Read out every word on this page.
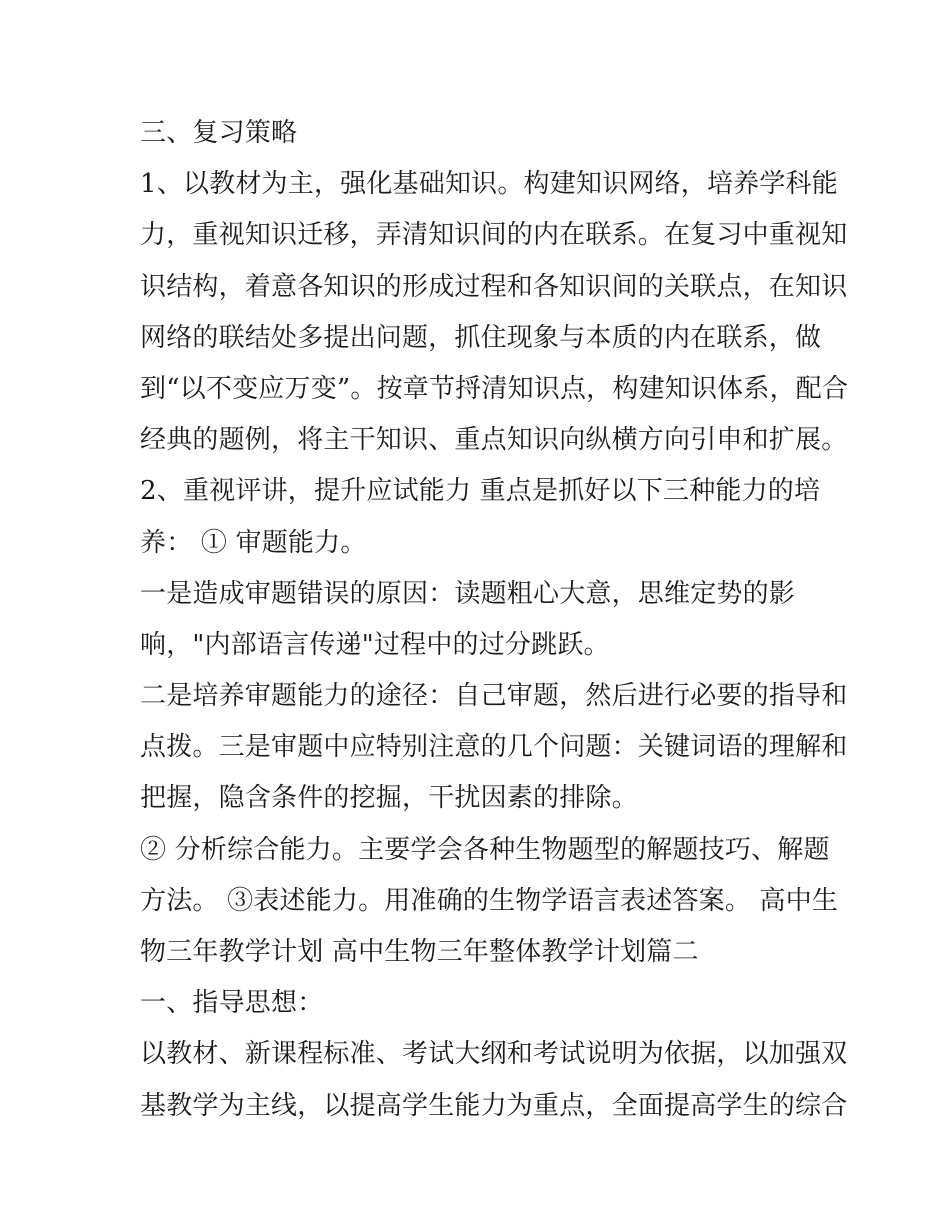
三、复习策略
1、以教材为主，强化基础知识。构建知识网络，培养学科能
力，重视知识迁移，弄清知识间的内在联系。在复习中重视知
识结构，着意各知识的形成过程和各知识间的关联点，在知识
网络的联结处多提出问题，抓住现象与本质的内在联系，做
到“以不变应万变”。按章节捋清知识点，构建知识体系，配合
经典的题例，将主干知识、重点知识向纵横方向引申和扩展。
2、重视评讲，提升应试能力 重点是抓好以下三种能力的培
养： ① 审题能力。
一是造成审题错误的原因：读题粗心大意，思维定势的影
响，"内部语言传递"过程中的过分跳跃。
二是培养审题能力的途径：自己审题，然后进行必要的指导和
点拨。三是审题中应特别注意的几个问题：关键词语的理解和
把握，隐含条件的挖掘，干扰因素的排除。
② 分析综合能力。主要学会各种生物题型的解题技巧、解题
方法。 ③表述能力。用准确的生物学语言表述答案。 高中生
物三年教学计划 高中生物三年整体教学计划篇二
一、指导思想：
以教材、新课程标准、考试大纲和考试说明为依据，以加强双
基教学为主线，以提高学生能力为重点，全面提高学生的综合
